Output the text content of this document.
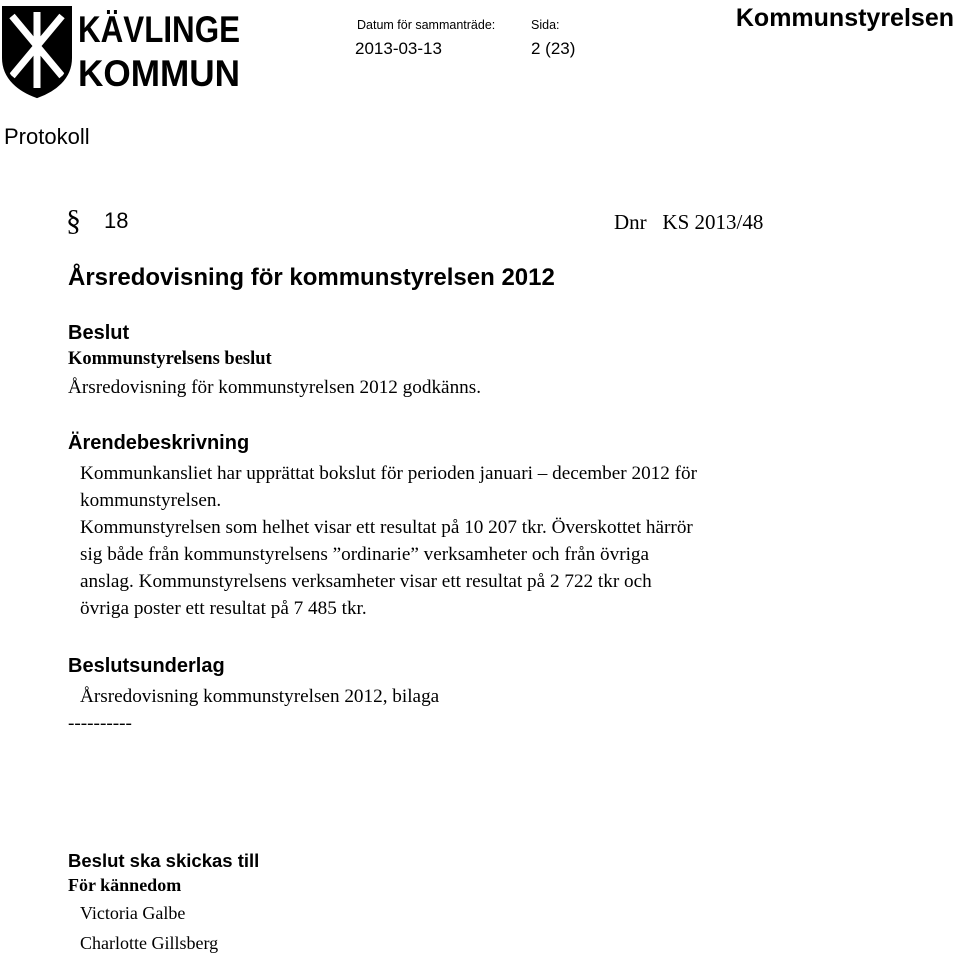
KÄVLINGE
KOMMUN
Datum för sammanträde:
2013-03-13
Sida:
2 (23)
Kommunstyrelsen
Protokoll
§ 18	Dnr   KS 2013/48
Årsredovisning för kommunstyrelsen 2012
Beslut
Kommunstyrelsens beslut
Årsredovisning för kommunstyrelsen 2012 godkänns.
Ärendebeskrivning
Kommunkansliet har upprättat bokslut för perioden januari – december 2012 för
kommunstyrelsen.
Kommunstyrelsen som helhet visar ett resultat på 10 207 tkr. Överskottet härrör
sig både från kommunstyrelsens ”ordinarie” verksamheter och från övriga
anslag. Kommunstyrelsens verksamheter visar ett resultat på 2 722 tkr och
övriga poster ett resultat på 7 485 tkr.
Beslutsunderlag
Årsredovisning kommunstyrelsen 2012, bilaga
----------
Beslut ska skickas till
För kännedom
Victoria Galbe
Charlotte Gillsberg
